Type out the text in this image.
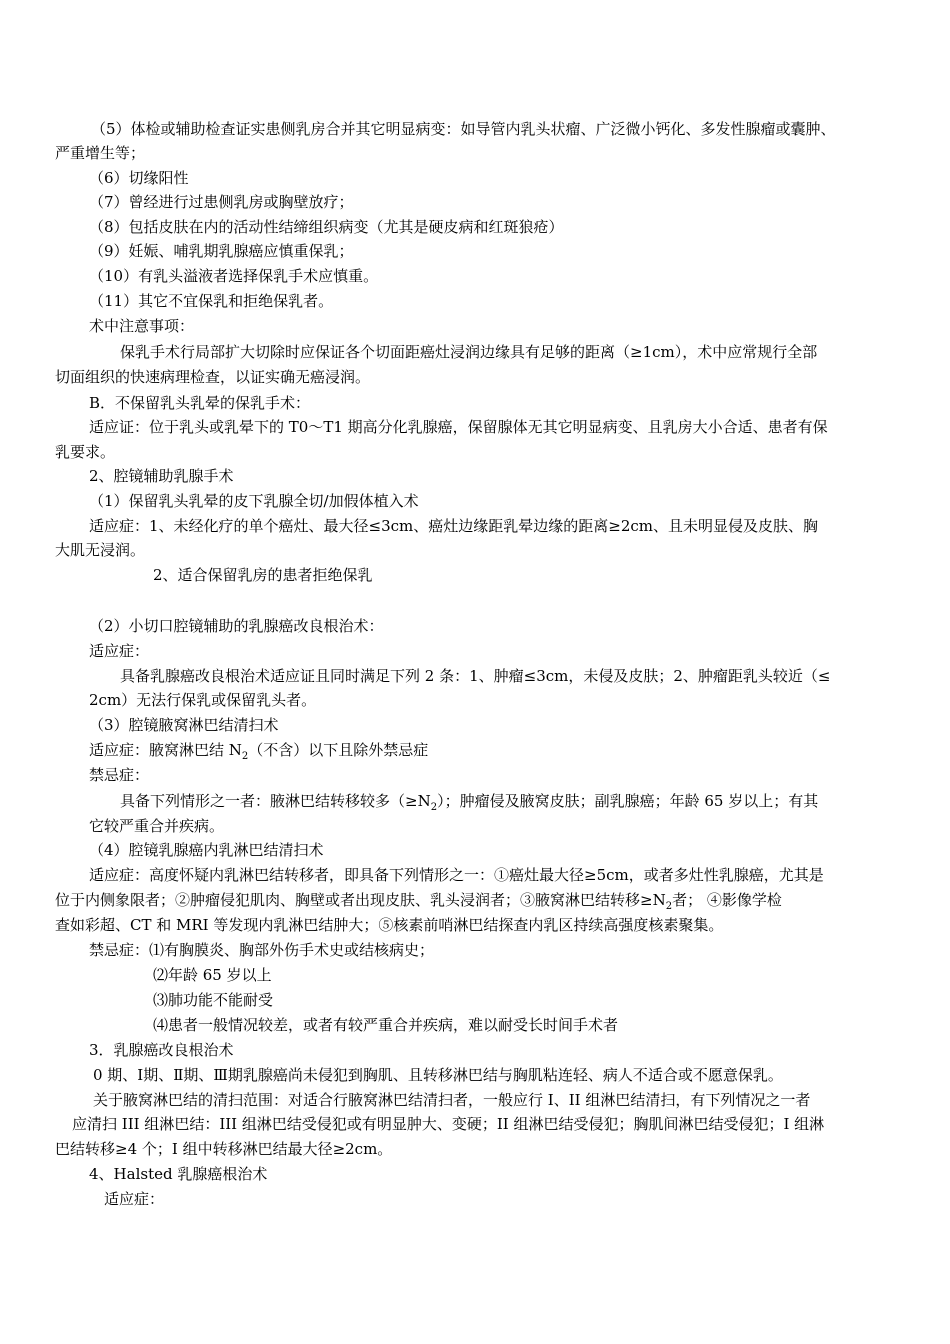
（5）体检或辅助检查证实患侧乳房合并其它明显病变：如导管内乳头状瘤、广泛微小钙化、多发性腺瘤或囊肿、
严重增生等；
（6）切缘阳性
（7）曾经进行过患侧乳房或胸壁放疗；
（8）包括皮肤在内的活动性结缔组织病变（尤其是硬皮病和红斑狼疮）
（9）妊娠、哺乳期乳腺癌应慎重保乳；
（10）有乳头溢液者选择保乳手术应慎重。
（11）其它不宜保乳和拒绝保乳者。
术中注意事项：
保乳手术行局部扩大切除时应保证各个切面距癌灶浸润边缘具有足够的距离（≥1cm），术中应常规行全部
切面组织的快速病理检查，以证实确无癌浸润。
B．不保留乳头乳晕的保乳手术：
适应证：位于乳头或乳晕下的 T0～T1 期高分化乳腺癌，保留腺体无其它明显病变、且乳房大小合适、患者有保
乳要求。
2、腔镜辅助乳腺手术
（1）保留乳头乳晕的皮下乳腺全切/加假体植入术
适应症：1、未经化疗的单个癌灶、最大径≤3cm、癌灶边缘距乳晕边缘的距离≥2cm、且未明显侵及皮肤、胸
大肌无浸润。
2、适合保留乳房的患者拒绝保乳
（2）小切口腔镜辅助的乳腺癌改良根治术：
适应症：
具备乳腺癌改良根治术适应证且同时满足下列 2 条：1、肿瘤≤3cm，未侵及皮肤；2、肿瘤距乳头较近（≤
2cm）无法行保乳或保留乳头者。
（3）腔镜腋窝淋巴结清扫术
适应症：腋窝淋巴结 $N_2$（不含）以下且除外禁忌症
禁忌症：
具备下列情形之一者：腋淋巴结转移较多$(\ge N_2)$；肿瘤侵及腋窝皮肤；副乳腺癌；年龄 65 岁以上；有其
它较严重合并疾病。
（4）腔镜乳腺癌内乳淋巴结清扫术
适应症：高度怀疑内乳淋巴结转移者，即具备下列情形之一：①癌灶最大径≥5cm，或者多灶性乳腺癌，尤其是
位于内侧象限者；②肿瘤侵犯肌肉、胸壁或者出现皮肤、乳头浸润者；③腋窝淋巴结转移$\ge N_2$者； ④影像学检
查如彩超、CT 和 MRI 等发现内乳淋巴结肿大；⑤核素前哨淋巴结探查内乳区持续高强度核素聚集。
禁忌症：⑴有胸膜炎、胸部外伤手术史或结核病史；
⑵年龄 65 岁以上
⑶肺功能不能耐受
⑷患者一般情况较差，或者有较严重合并疾病，难以耐受长时间手术者
3．乳腺癌改良根治术
0 期、Ⅰ期、Ⅱ期、Ⅲ期乳腺癌尚未侵犯到胸肌、且转移淋巴结与胸肌粘连轻、病人不适合或不愿意保乳。
关于腋窝淋巴结的清扫范围：对适合行腋窝淋巴结清扫者，一般应行 I、II 组淋巴结清扫，有下列情况之一者
应清扫 III 组淋巴结：III 组淋巴结受侵犯或有明显肿大、变硬；II 组淋巴结受侵犯；胸肌间淋巴结受侵犯；I 组淋
巴结转移≥4 个；I 组中转移淋巴结最大径≥2cm。
4、Halsted 乳腺癌根治术
适应症：
